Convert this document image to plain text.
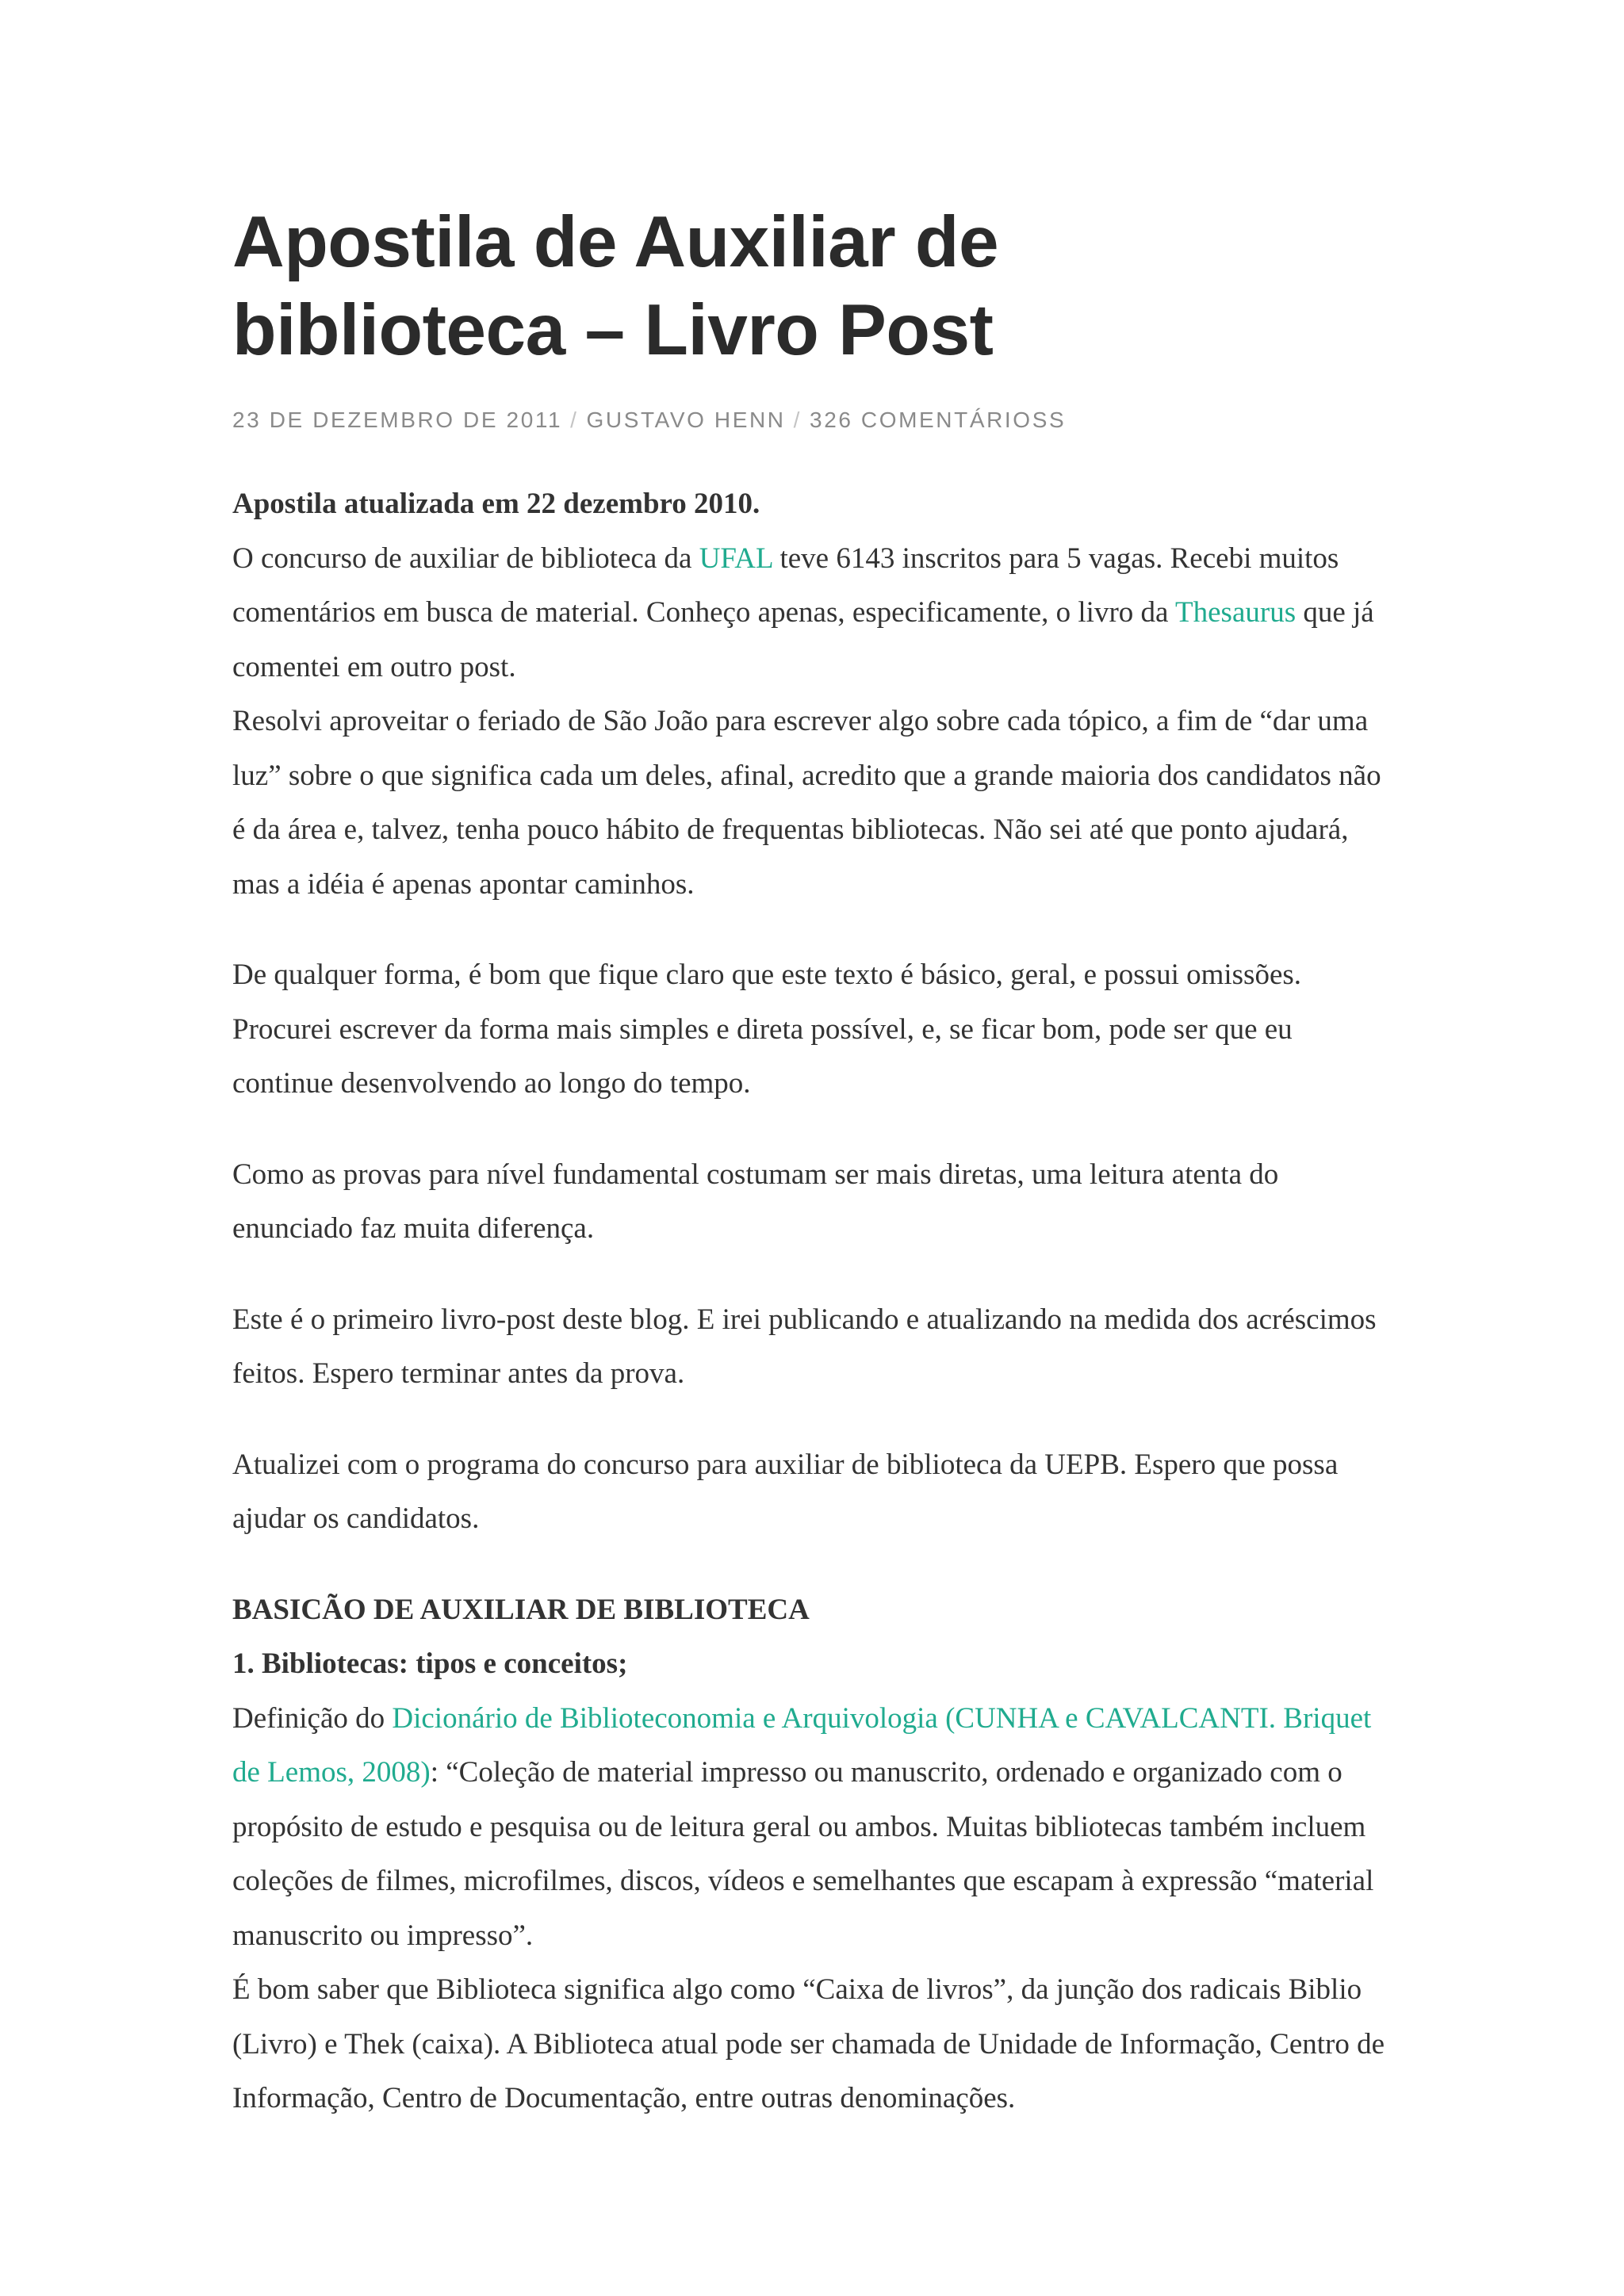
Apostila de Auxiliar de
biblioteca – Livro Post
23 DE DEZEMBRO DE 2011 / GUSTAVO HENN / 326 COMENTÁRIOSS

Apostila atualizada em 22 dezembro 2010.

O concurso de auxiliar de biblioteca da UFAL teve 6143 inscritos para 5 vagas. Recebi muitos comentários em busca de material. Conheço apenas, especificamente, o livro da Thesaurus que já comentei em outro post.

Resolvi aproveitar o feriado de São João para escrever algo sobre cada tópico, a fim de “dar uma luz” sobre o que significa cada um deles, afinal, acredito que a grande maioria dos candidatos não é da área e, talvez, tenha pouco hábito de frequentas bibliotecas. Não sei até que ponto ajudará, mas a idéia é apenas apontar caminhos.

De qualquer forma, é bom que fique claro que este texto é básico, geral, e possui omissões. Procurei escrever da forma mais simples e direta possível, e, se ficar bom, pode ser que eu continue desenvolvendo ao longo do tempo.

Como as provas para nível fundamental costumam ser mais diretas, uma leitura atenta do enunciado faz muita diferença.

Este é o primeiro livro-post deste blog. E irei publicando e atualizando na medida dos acréscimos feitos. Espero terminar antes da prova.

Atualizei com o programa do concurso para auxiliar de biblioteca da UEPB. Espero que possa ajudar os candidatos.

BASICÃO DE AUXILIAR DE BIBLIOTECA

1. Bibliotecas: tipos e conceitos;

Definição do Dicionário de Biblioteconomia e Arquivologia (CUNHA e CAVALCANTI. Briquet de Lemos, 2008): “Coleção de material impresso ou manuscrito, ordenado e organizado com o propósito de estudo e pesquisa ou de leitura geral ou ambos. Muitas bibliotecas também incluem coleções de filmes, microfilmes, discos, vídeos e semelhantes que escapam à expressão “material manuscrito ou impresso”.

É bom saber que Biblioteca significa algo como “Caixa de livros”, da junção dos radicais Biblio (Livro) e Thek (caixa). A Biblioteca atual pode ser chamada de Unidade de Informação, Centro de Informação, Centro de Documentação, entre outras denominações.
